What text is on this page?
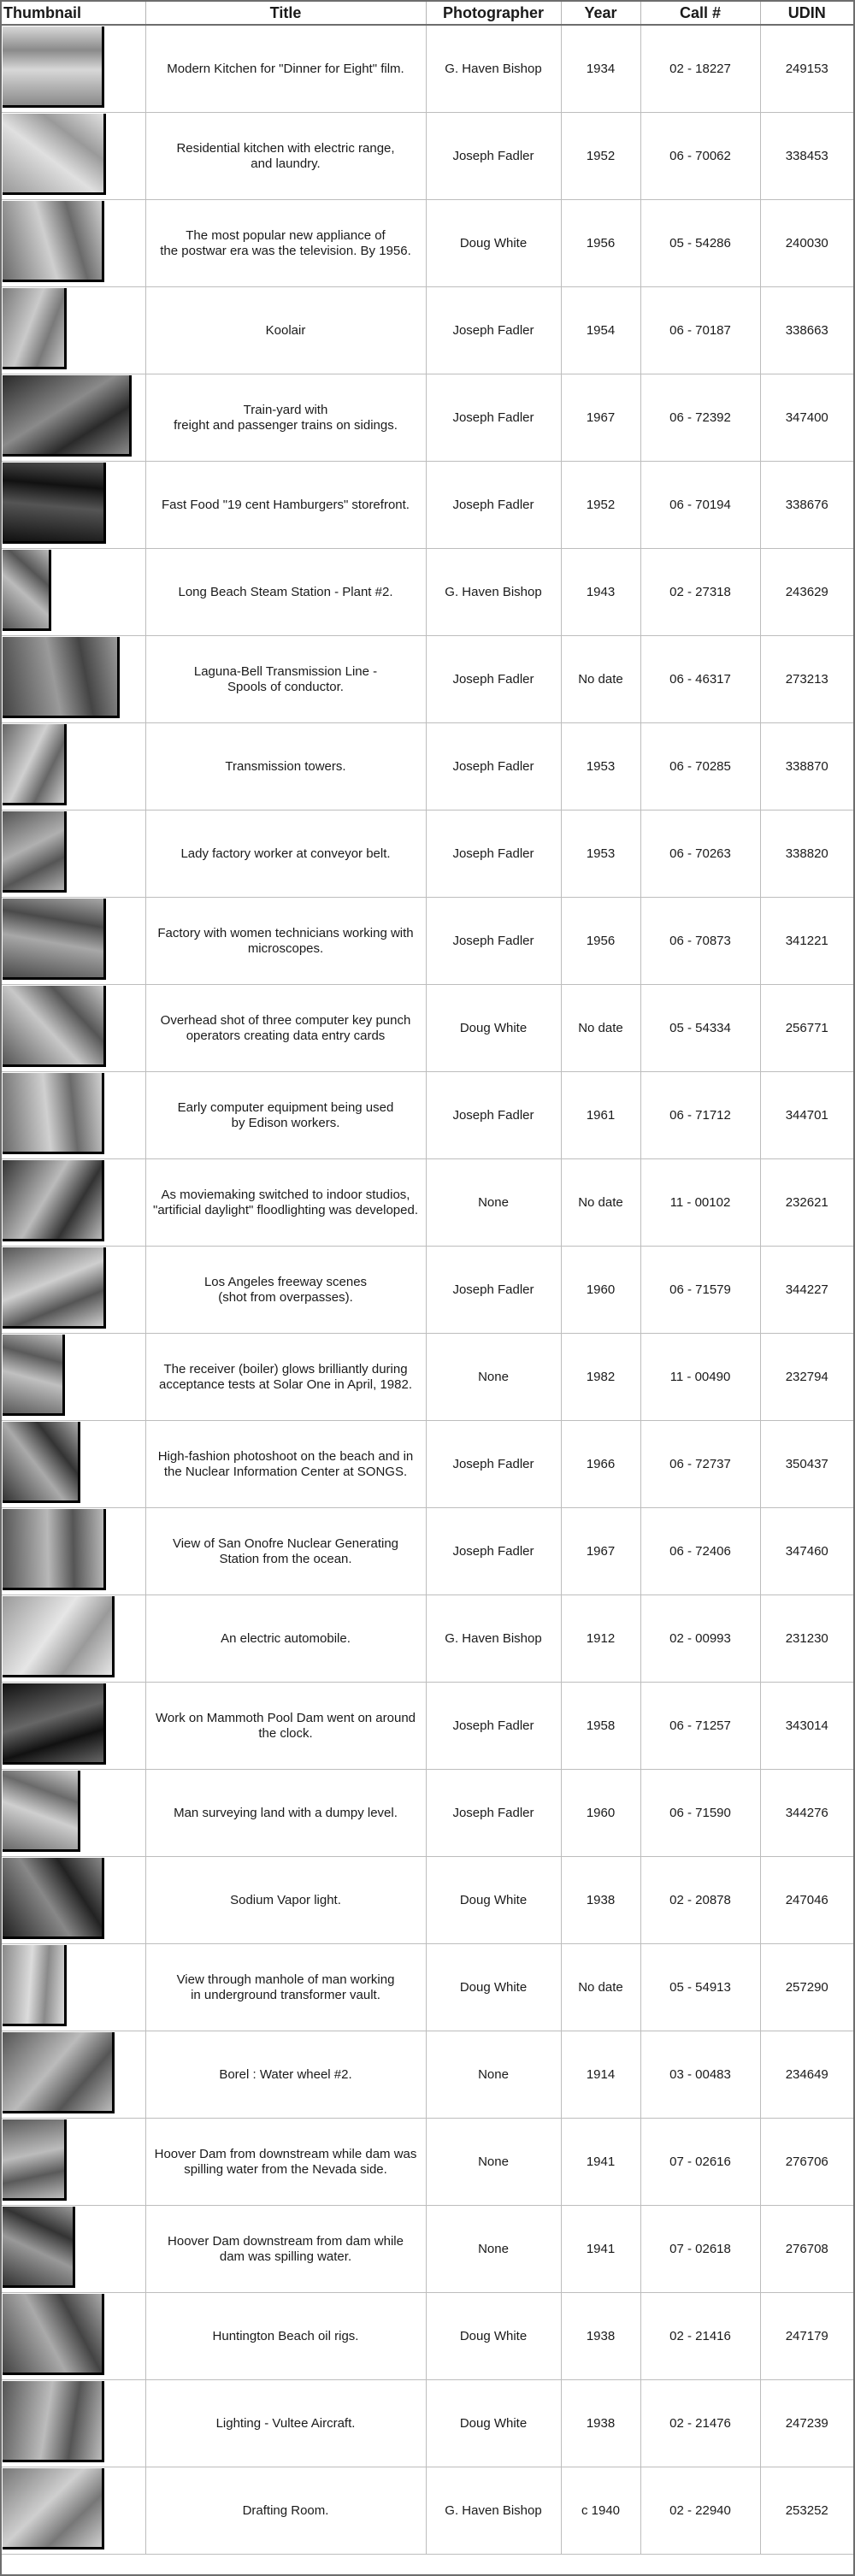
Thumbnail	Title	Photographer	Year	Call #	UDIN

	Modern Kitchen for "Dinner for Eight" film.	G. Haven Bishop	1934	02 - 18227	249153

	Residential kitchen with electric range,
and laundry.	Joseph Fadler	1952	06 - 70062	338453

	The most popular new appliance of
the postwar era was the television. By 1956.	Doug White	1956	05 - 54286	240030

	Koolair	Joseph Fadler	1954	06 - 70187	338663

	Train-yard with
freight and passenger trains on sidings.	Joseph Fadler	1967	06 - 72392	347400

	Fast Food "19 cent Hamburgers" storefront.	Joseph Fadler	1952	06 - 70194	338676

	Long Beach Steam Station - Plant #2.	G. Haven Bishop	1943	02 - 27318	243629

	Laguna-Bell Transmission Line -
Spools of conductor.	Joseph Fadler	No date	06 - 46317	273213

	Transmission towers.	Joseph Fadler	1953	06 - 70285	338870

	Lady factory worker at conveyor belt.	Joseph Fadler	1953	06 - 70263	338820

	Factory with women technicians working with
microscopes.	Joseph Fadler	1956	06 - 70873	341221

	Overhead shot of three computer key punch
operators creating data entry cards	Doug White	No date	05 - 54334	256771

	Early computer equipment being used
by Edison workers.	Joseph Fadler	1961	06 - 71712	344701

	As moviemaking switched to indoor studios,
"artificial daylight" floodlighting was developed.	None	No date	11 - 00102	232621

	Los Angeles freeway scenes
(shot from overpasses).	Joseph Fadler	1960	06 - 71579	344227

	The receiver (boiler) glows brilliantly during
acceptance tests at Solar One in April, 1982.	None	1982	11 - 00490	232794

	High-fashion photoshoot on the beach and in
the Nuclear Information Center at SONGS.	Joseph Fadler	1966	06 - 72737	350437

	View of San Onofre Nuclear Generating
Station from the ocean.	Joseph Fadler	1967	06 - 72406	347460

	An electric automobile.	G. Haven Bishop	1912	02 - 00993	231230

	Work on Mammoth Pool Dam went on around
the clock.	Joseph Fadler	1958	06 - 71257	343014

	Man surveying land with a dumpy level.	Joseph Fadler	1960	06 - 71590	344276

	Sodium Vapor light.	Doug White	1938	02 - 20878	247046

	View through manhole of man working
in underground transformer vault.	Doug White	No date	05 - 54913	257290

	Borel : Water wheel #2.	None	1914	03 - 00483	234649

	Hoover Dam from downstream while dam was
spilling water from the Nevada side.	None	1941	07 - 02616	276706

	Hoover Dam downstream from dam while
dam was spilling water.	None	1941	07 - 02618	276708

	Huntington Beach oil rigs.	Doug White	1938	02 - 21416	247179

	Lighting - Vultee Aircraft.	Doug White	1938	02 - 21476	247239

	Drafting Room.	G. Haven Bishop	c 1940	02 - 22940	253252
